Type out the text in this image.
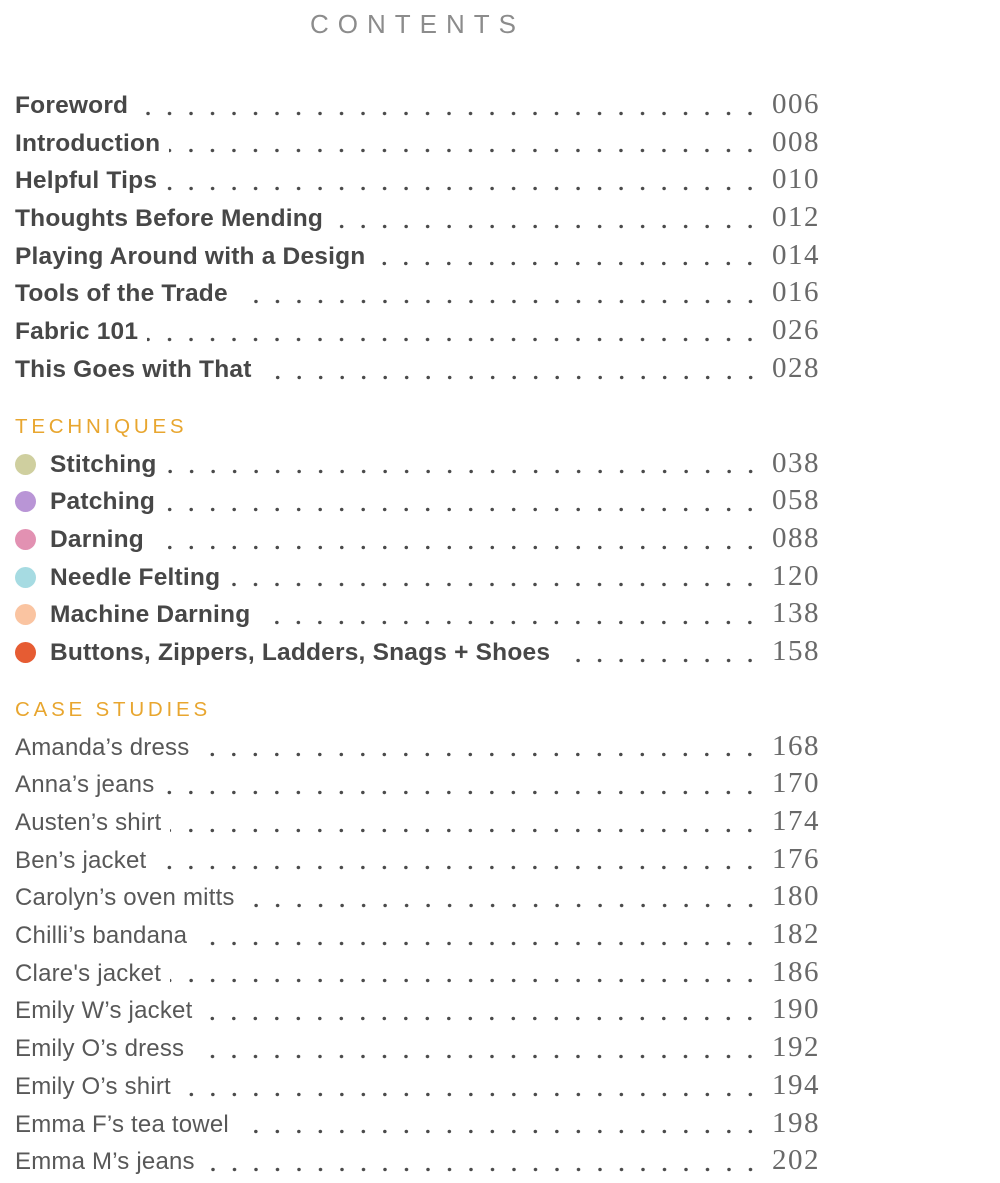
CONTENTS
Foreword	006
Introduction	008
Helpful Tips	010
Thoughts Before Mending	012
Playing Around with a Design	014
Tools of the Trade	016
Fabric 101	026
This Goes with That	028
TECHNIQUES
Stitching	038
Patching	058
Darning	088
Needle Felting	120
Machine Darning	138
Buttons, Zippers, Ladders, Snags + Shoes	158
CASE STUDIES
Amanda’s dress	168
Anna’s jeans	170
Austen’s shirt	174
Ben’s jacket	176
Carolyn’s oven mitts	180
Chilli’s bandana	182
Clare's jacket	186
Emily W’s jacket	190
Emily O’s dress	192
Emily O’s shirt	194
Emma F’s tea towel	198
Emma M’s jeans	202
